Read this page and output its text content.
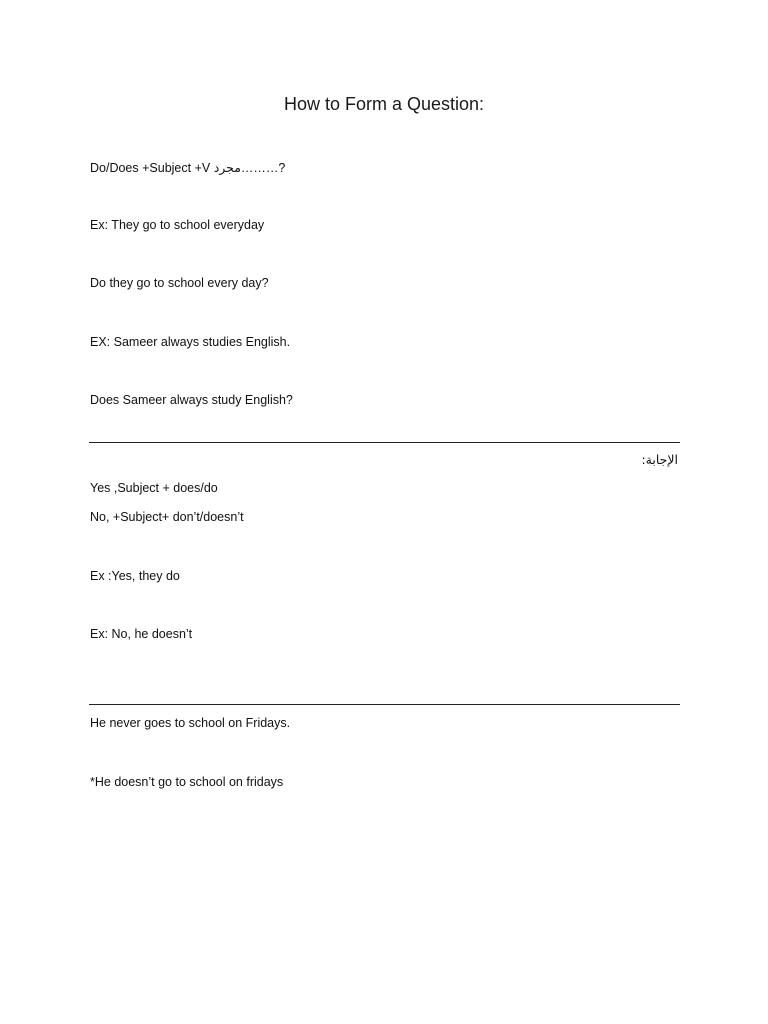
How to Form a Question:
Do/Does +Subject +V مجرد………?
Ex: They go to school everyday
Do they go to school every day?
EX: Sameer always studies English.
Does Sameer always study English?
الإجابة:
Yes ,Subject + does/do
No, +Subject+ don’t/doesn’t
Ex :Yes, they do
Ex: No, he doesn’t
He never goes to school on Fridays.
*He doesn’t go to school on fridays
